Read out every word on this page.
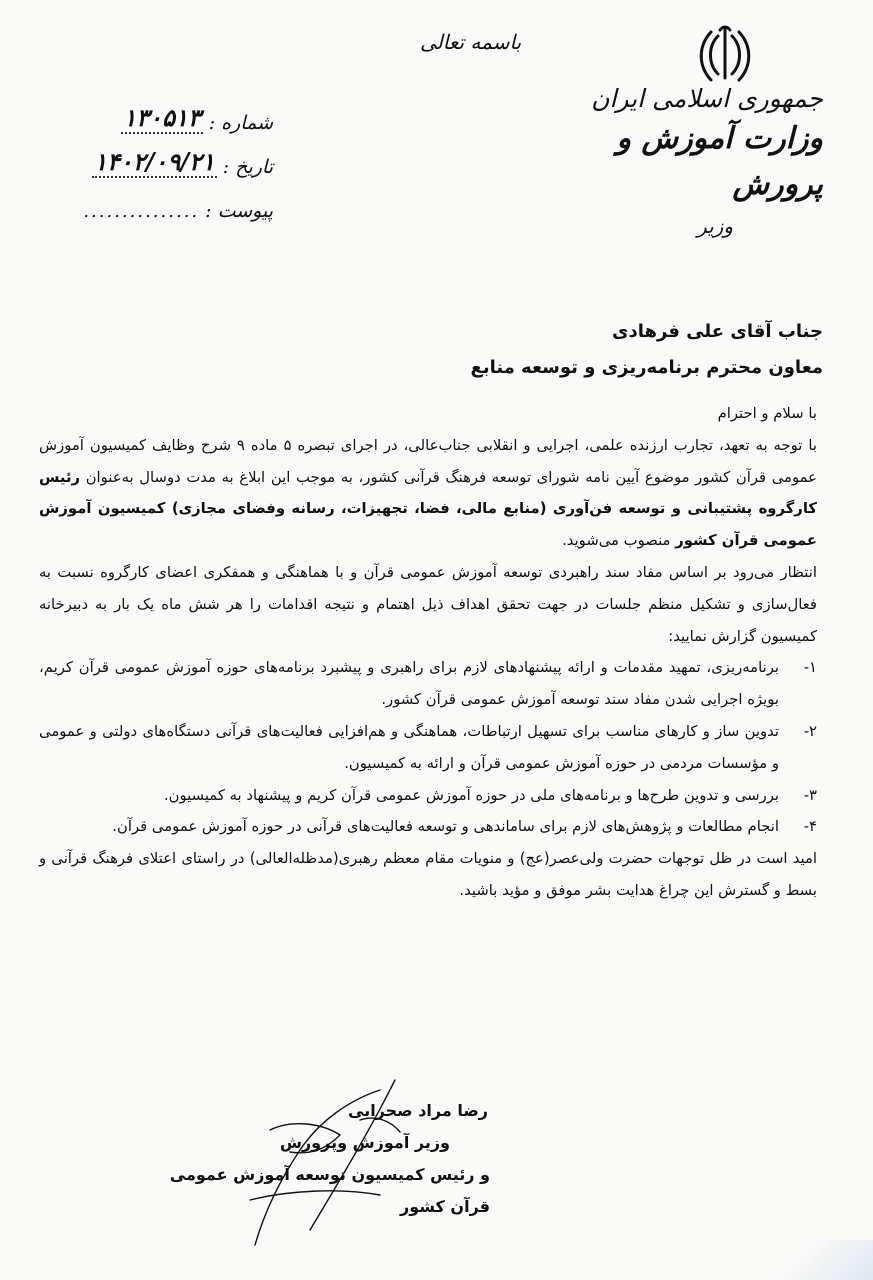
باسمه تعالی
جمهوری اسلامی ایران
وزارت آموزش و پرورش
وزیر
شماره :
۱۳۰۵۱۳
تاریخ :
۱۴۰۲/۰۹/۲۱
پیوست :
...............
جناب آقای علی فرهادی
معاون محترم برنامه‌ریزی و توسعه منابع

با سلام و احترام

با توجه به تعهد، تجارب ارزنده علمی، اجرایی و انقلابی جناب‌عالی، در اجرای تبصره ۵ ماده ۹ شرح وظایف کمیسیون آموزش عمومی قرآن کشور موضوع آیین نامه شورای توسعه فرهنگ قرآنی کشور، به موجب این ابلاغ به مدت دوسال به‌عنوان رئیس کارگروه پشتیبانی و توسعه فن‌آوری (منابع مالی، فضا، تجهیزات، رسانه وفضای مجازی) کمیسیون آموزش عمومی قرآن کشور منصوب می‌شوید.

انتظار می‌رود بر اساس مفاد سند راهبردی توسعه آموزش عمومی قرآن و با هماهنگی و همفکری اعضای کارگروه نسبت به فعال‌سازی و تشکیل منظم جلسات در جهت تحقق اهداف ذیل اهتمام و نتیجه اقدامات را هر شش ماه یک بار به دبیرخانه کمیسیون گزارش نمایید:

۱-
برنامه‌ریزی، تمهید مقدمات و ارائه پیشنهادهای لازم برای راهبری و پیشبرد برنامه‌های حوزه آموزش عمومی قرآن کریم، بویژه اجرایی شدن مفاد سند توسعه آموزش عمومی قرآن کشور.
۲-
تدوین ساز و کارهای مناسب برای تسهیل ارتباطات، هماهنگی و هم‌افزایی فعالیت‌های قرآنی دستگاه‌های دولتی و عمومی و مؤسسات مردمی در حوزه آموزش عمومی قرآن و ارائه به کمیسیون.
۳-
بررسی و تدوین طرح‌ها و برنامه‌های ملی در حوزه آموزش عمومی قرآن کریم و پیشنهاد به کمیسیون.
۴-
انجام مطالعات و پژوهش‌های لازم برای ساماندهی و توسعه فعالیت‌های قرآنی در حوزه آموزش عمومی قرآن.

امید است در ظل توجهات حضرت ولی‌عصر(عج) و منویات مقام معظم رهبری(مدظله‌العالی) در راستای اعتلای فرهنگ قرآنی و بسط و گسترش این چراغ هدایت بشر موفق و مؤید باشید.

رضا مراد صحرایی
وزیر آموزش وپرورش
و رئیس کمیسیون توسعه آموزش عمومی قرآن کشور
